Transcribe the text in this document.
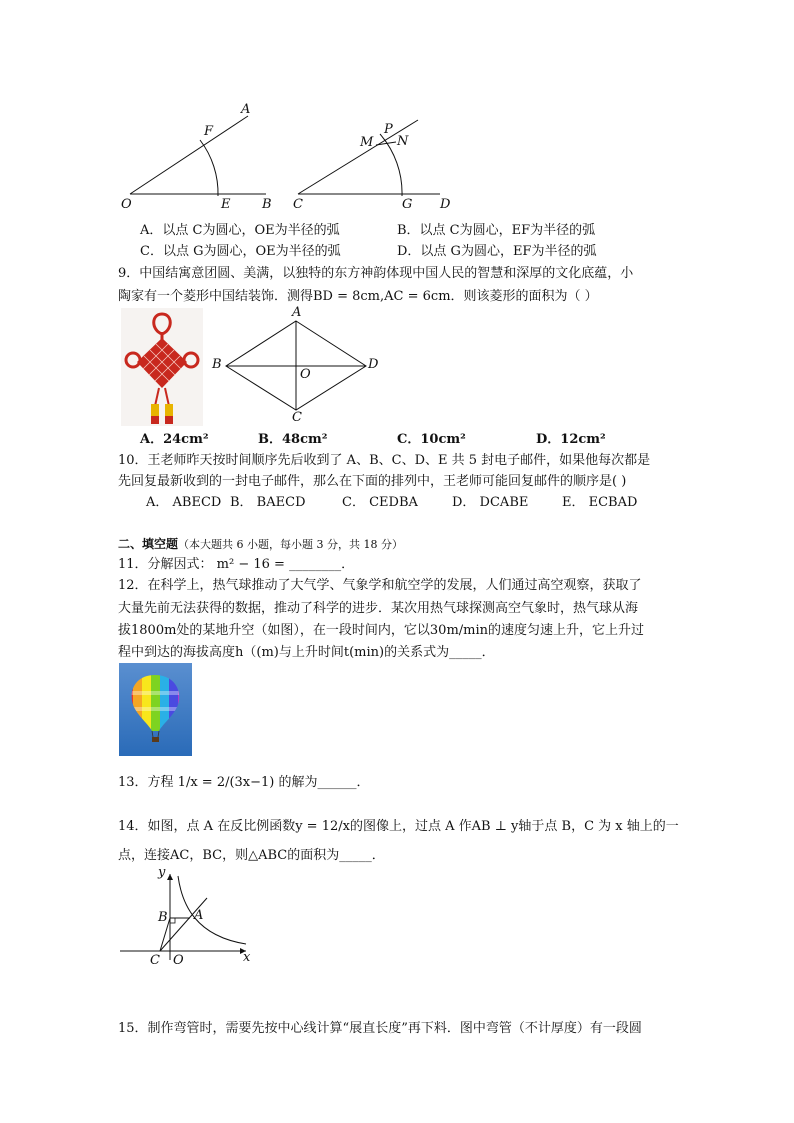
A
F
O	E B
P
M N
C	G D
A．以点 C为圆心，OE为半径的弧	B．以点 C为圆心，EF为半径的弧
C．以点 G为圆心，OE为半径的弧	D．以点 G为圆心，EF为半径的弧
9．中国结寓意团圆、美满，以独特的东方神韵体现中国人民的智慧和深厚的文化底蕴，小
陶家有一个菱形中国结装饰．测得BD = 8cm,AC = 6cm．则该菱形的面积为（ ）
A
B	D
O
C
A．24cm²	B．48cm²	C．10cm²	D．12cm²
10．王老师昨天按时间顺序先后收到了 A、B、C、D、E 共 5 封电子邮件，如果他每次都是
先回复最新收到的一封电子邮件，那么在下面的排列中，王老师可能回复邮件的顺序是( )
A． ABECD B． BAECD	C． CEDBA	D． DCABE	E． ECBAD
二、填空题（本大题共 6 小题，每小题 3 分，共 18 分）
11．分解因式： m² − 16 = ________．
12．在科学上，热气球推动了大气学、气象学和航空学的发展，人们通过高空观察，获取了
大量先前无法获得的数据，推动了科学的进步．某次用热气球探测高空气象时，热气球从海
拔1800m处的某地升空（如图），在一段时间内，它以30m/min的速度匀速上升，它上升过
程中到达的海拔高度h（(m)与上升时间t(min)的关系式为_____．
13．方程 1/x = 2/(3x−1) 的解为______．
14．如图，点 A 在反比例函数y = 12/x的图像上，过点 A 作AB ⊥ y轴于点 B，C 为 x 轴上的一
点，连接AC，BC，则△ABC的面积为_____．
y
x
B A
C O
15．制作弯管时，需要先按中心线计算“展直长度”再下料．图中弯管（不计厚度）有一段圆
